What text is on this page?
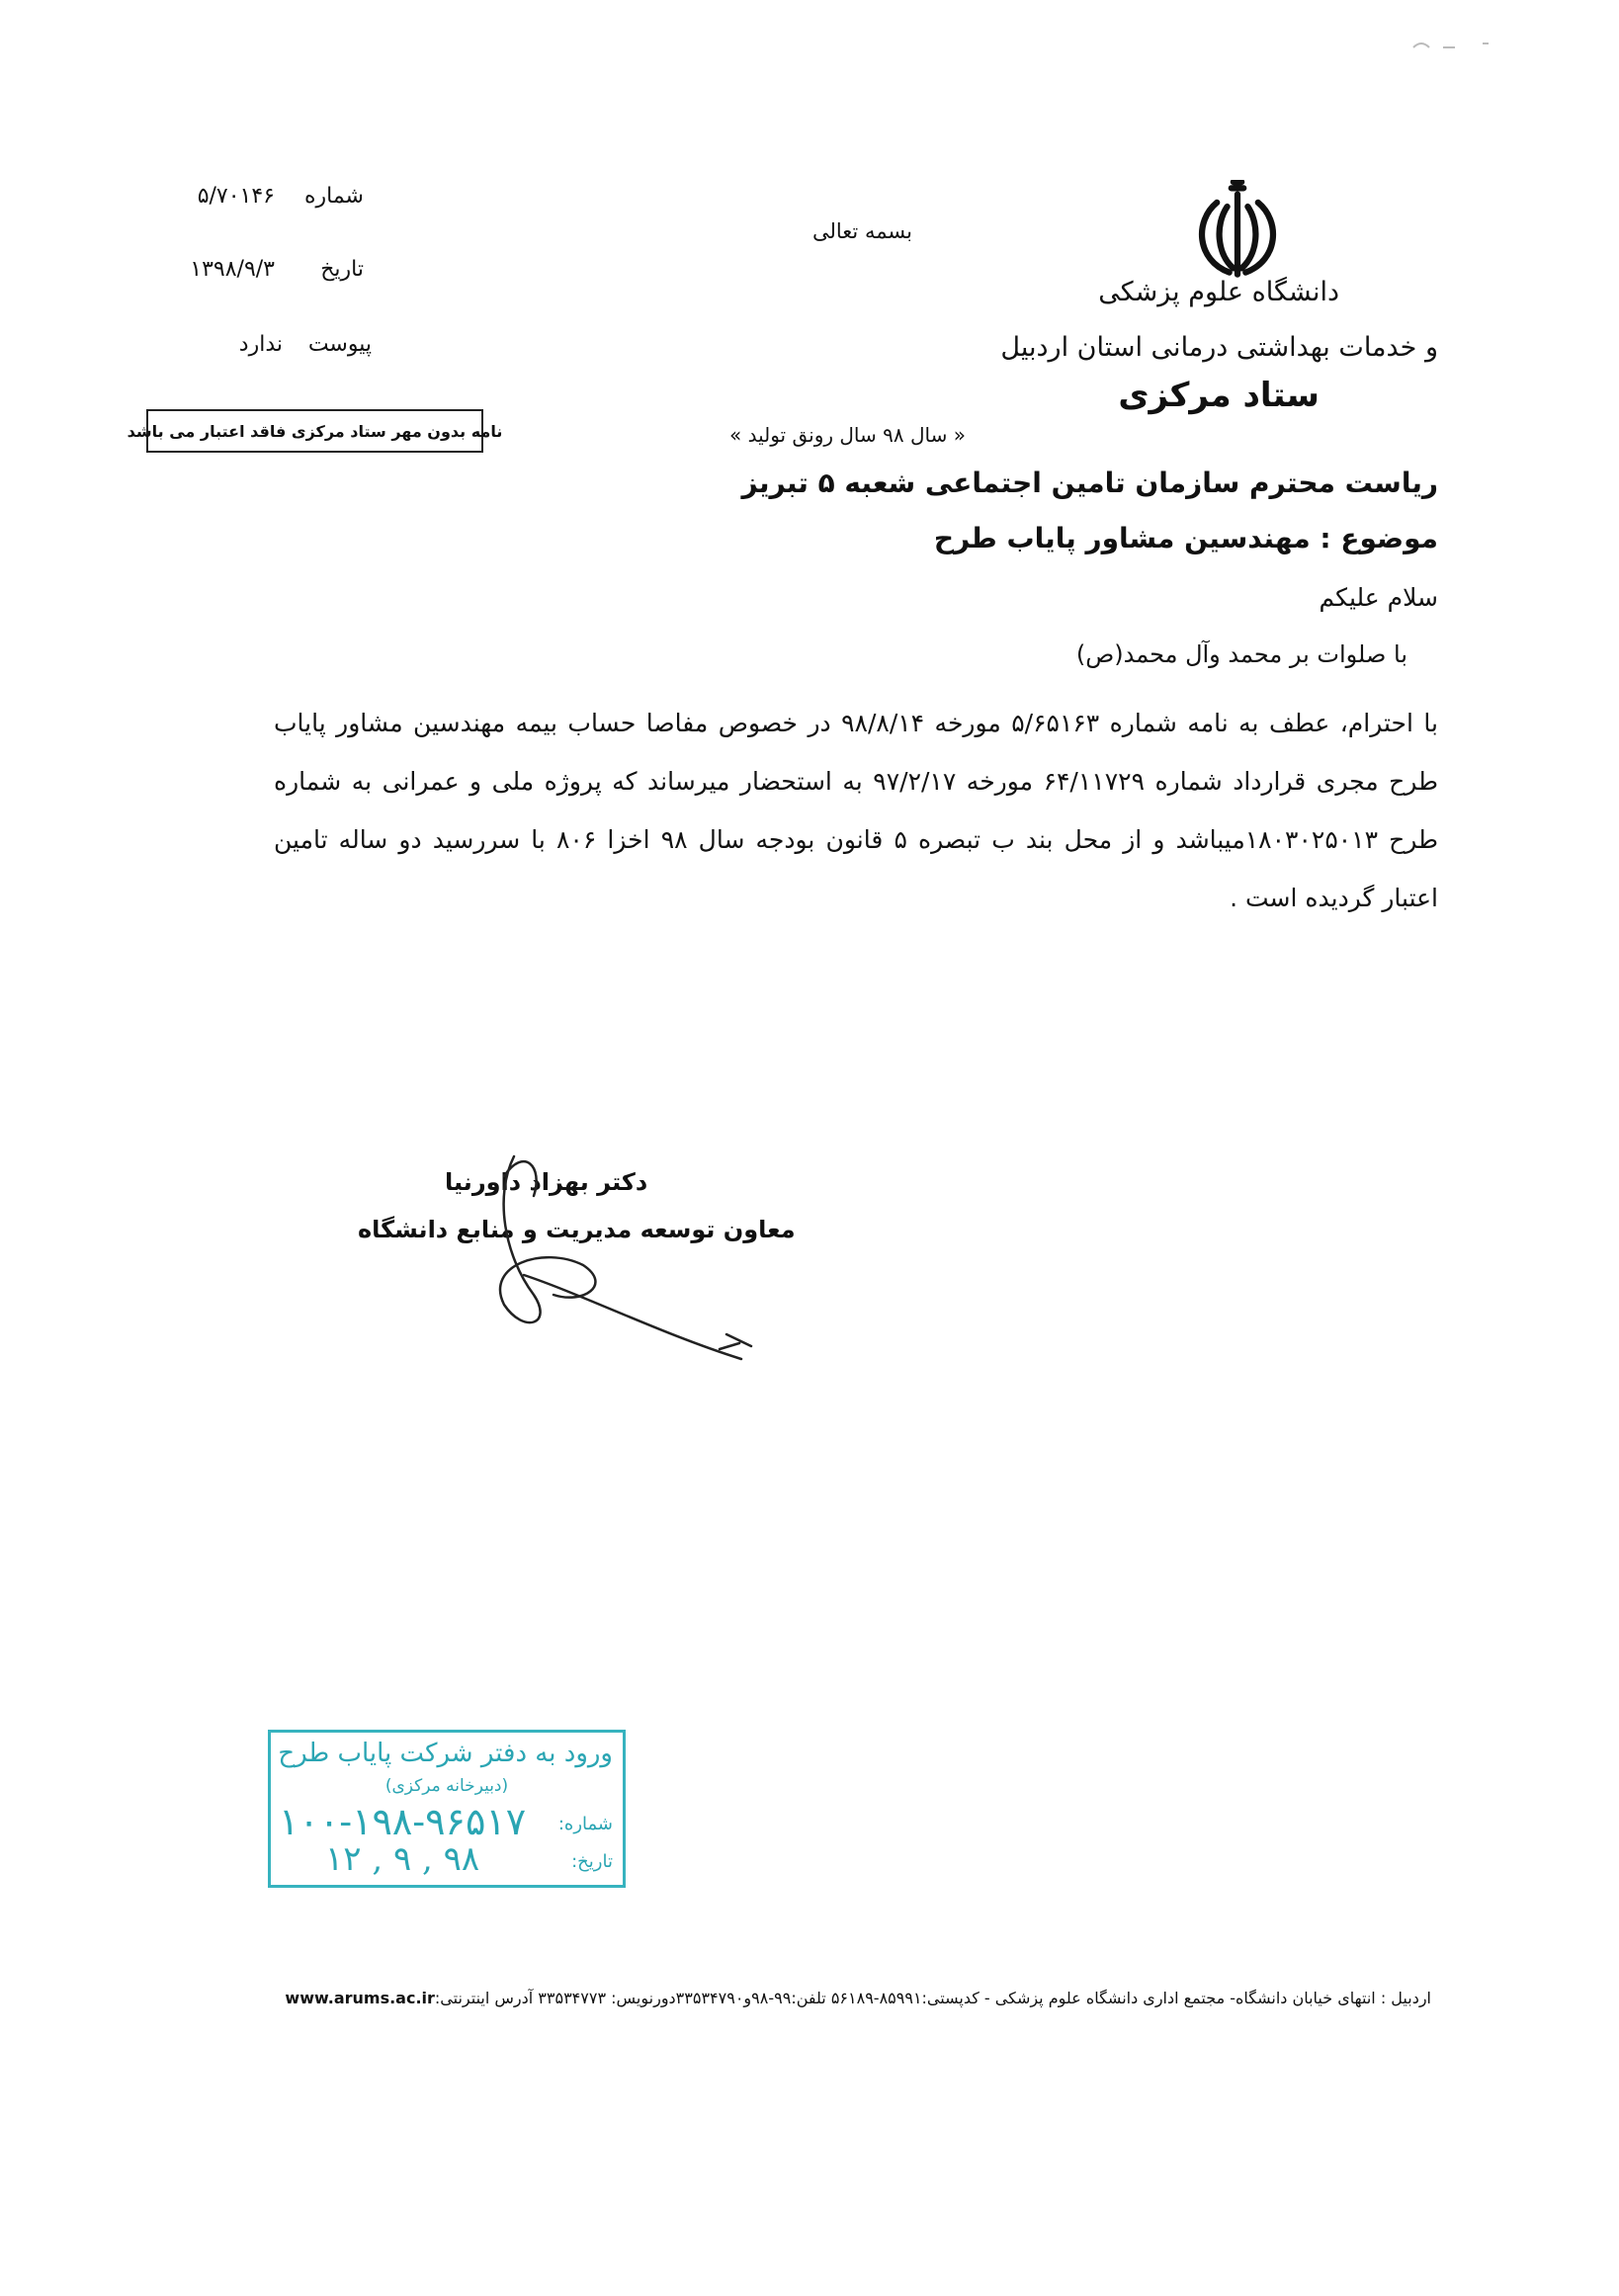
دانشگاه علوم پزشکی
و خدمات بهداشتی درمانی استان اردبیل
ستاد مرکزی
بسمه تعالی
شماره۵/۷۰۱۴۶
تاریخ۱۳۹۸/۹/۳
پیوستندارد
نامه بدون مهر ستاد مرکزی فاقد اعتبار می باشد	« سال ۹۸ سال رونق تولید »
ریاست محترم سازمان تامین اجتماعی شعبه ۵ تبریز
موضوع : مهندسین مشاور پایاب طرح
سلام علیکم
با صلوات بر محمد وآل محمد(ص)
با احترام، عطف به نامه شماره ۵/۶۵۱۶۳ مورخه ۹۸/۸/۱۴ در خصوص مفاصا حساب بیمه مهندسین مشاور پایاب طرح مجری قرارداد شماره ۶۴/۱۱۷۲۹ مورخه ۹۷/۲/۱۷ به استحضار میرساند که پروژه ملی و عمرانی به شماره طرح ۱۸۰۳۰۲۵۰۱۳میباشد و از محل بند ب تبصره ۵ قانون بودجه سال ۹۸ اخزا ۸۰۶ با سررسید دو ساله تامین اعتبار گردیده است .
دکتر بهزاد داورنیا
معاون توسعه مدیریت و منابع دانشگاه
ورود به دفتر شرکت پایاب طرح
(دبیرخانه مرکزی)
شماره:
۱۰۰-۱۹۸-۹۶۵۱۷
تاریخ:
۹۸ , ۹ , ۱۲
اردبیل : انتهای خیابان دانشگاه- مجتمع اداری دانشگاه علوم پزشکی - کدپستی:۸۵۹۹۱-۵۶۱۸۹ تلفن:۹۹-۹۸و۳۳۵۳۴۷۹۰دورنویس: ۳۳۵۳۴۷۷۳ آدرس اینترنتی:www.arums.ac.ir
